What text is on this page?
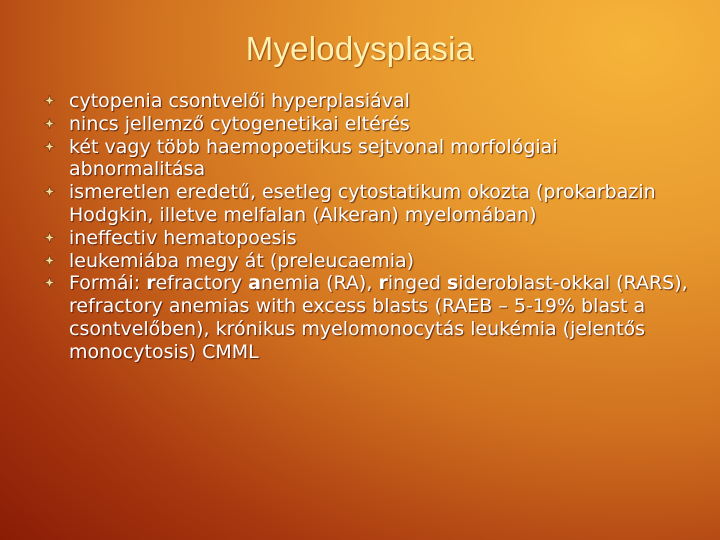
Myelodysplasia
cytopenia csontvelői hyperplasiával
nincs jellemző cytogenetikai eltérés
két vagy több haemopoetikus sejtvonal morfológiai abnormalitása
ismeretlen eredetű, esetleg cytostatikum okozta (prokarbazin Hodgkin, illetve melfalan (Alkeran) myelomában)
ineffectiv hematopoesis
leukemiába megy át (preleucaemia)
Formái: refractory anemia (RA), ringed sideroblast-okkal (RARS), refractory anemias with excess blasts (RAEB – 5-19% blast a csontvelőben), krónikus myelomonocytás leukémia (jelentős monocytosis) CMML
